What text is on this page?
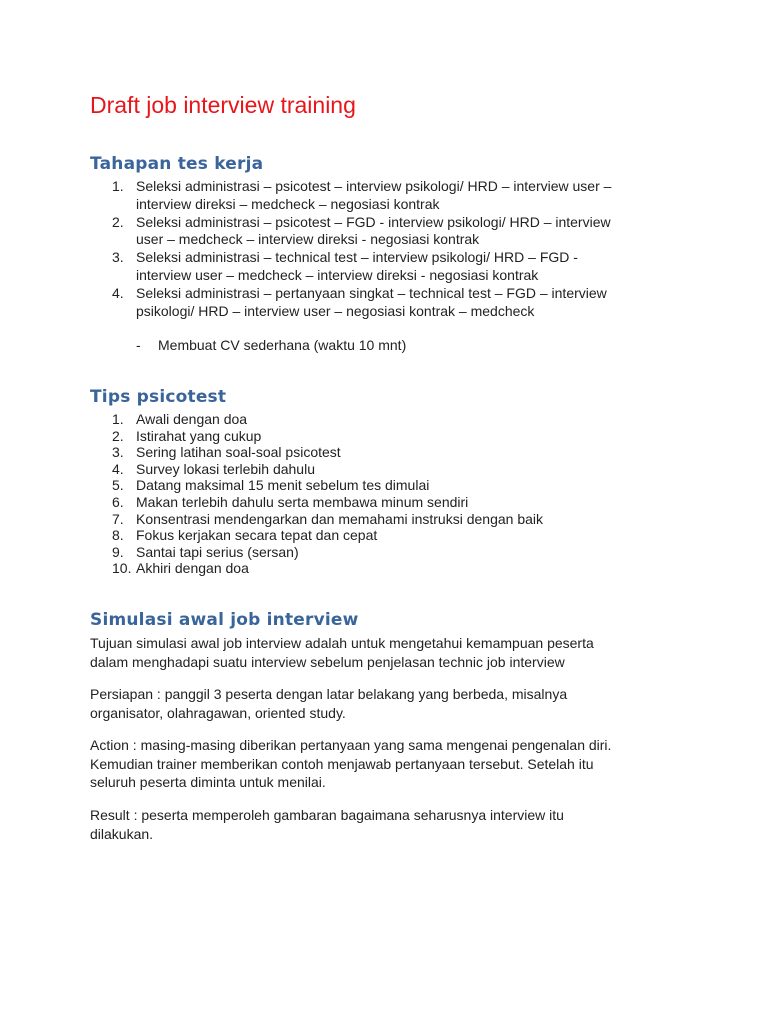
Draft job interview training
Tahapan tes kerja
1. Seleksi administrasi – psicotest – interview psikologi/ HRD – interview user –
interview direksi – medcheck – negosiasi kontrak
2. Seleksi administrasi – psicotest – FGD - interview psikologi/ HRD – interview
user – medcheck – interview direksi - negosiasi kontrak
3. Seleksi administrasi – technical test – interview psikologi/ HRD – FGD -
interview user – medcheck – interview direksi - negosiasi kontrak
4. Seleksi administrasi – pertanyaan singkat – technical test – FGD – interview
psikologi/ HRD – interview user – negosiasi kontrak – medcheck
- Membuat CV sederhana (waktu 10 mnt)
Tips psicotest
1. Awali dengan doa
2. Istirahat yang cukup
3. Sering latihan soal-soal psicotest
4. Survey lokasi terlebih dahulu
5. Datang maksimal 15 menit sebelum tes dimulai
6. Makan terlebih dahulu serta membawa minum sendiri
7. Konsentrasi mendengarkan dan memahami instruksi dengan baik
8. Fokus kerjakan secara tepat dan cepat
9. Santai tapi serius (sersan)
10. Akhiri dengan doa
Simulasi awal job interview
Tujuan simulasi awal job interview adalah untuk mengetahui kemampuan peserta
dalam menghadapi suatu interview sebelum penjelasan technic job interview
Persiapan : panggil 3 peserta dengan latar belakang yang berbeda, misalnya
organisator, olahragawan, oriented study.
Action : masing-masing diberikan pertanyaan yang sama mengenai pengenalan diri.
Kemudian trainer memberikan contoh menjawab pertanyaan tersebut. Setelah itu
seluruh peserta diminta untuk menilai.
Result : peserta memperoleh gambaran bagaimana seharusnya interview itu
dilakukan.
